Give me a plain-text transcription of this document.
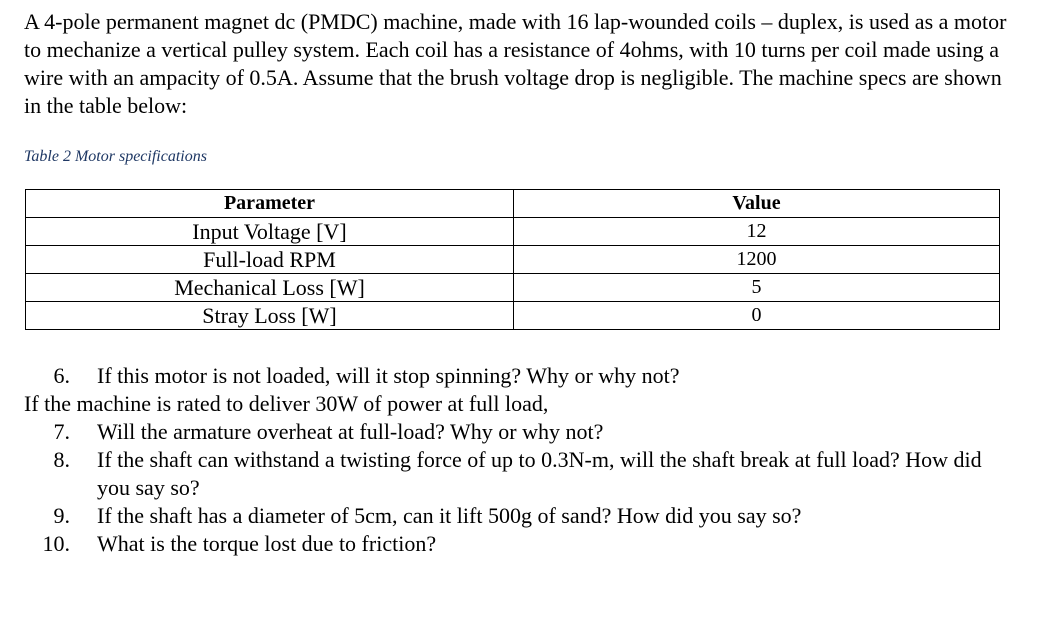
A 4-pole permanent magnet dc (PMDC) machine, made with 16 lap-wounded coils – duplex, is used as a motor to mechanize a vertical pulley system. Each coil has a resistance of 4ohms, with 10 turns per coil made using a wire with an ampacity of 0.5A. Assume that the brush voltage drop is negligible. The machine specs are shown in the table below:

Table 2 Motor specifications

Parameter	Value
Input Voltage [V]	12
Full-load RPM	1200
Mechanical Loss [W]	5
Stray Loss [W]	0
6.	If this motor is not loaded, will it stop spinning? Why or why not?
If the machine is rated to deliver 30W of power at full load,
7.	Will the armature overheat at full-load? Why or why not?
8.	If the shaft can withstand a twisting force of up to 0.3N-m, will the shaft break at full load? How did you say so?
9.	If the shaft has a diameter of 5cm, can it lift 500g of sand? How did you say so?
10.	What is the torque lost due to friction?
